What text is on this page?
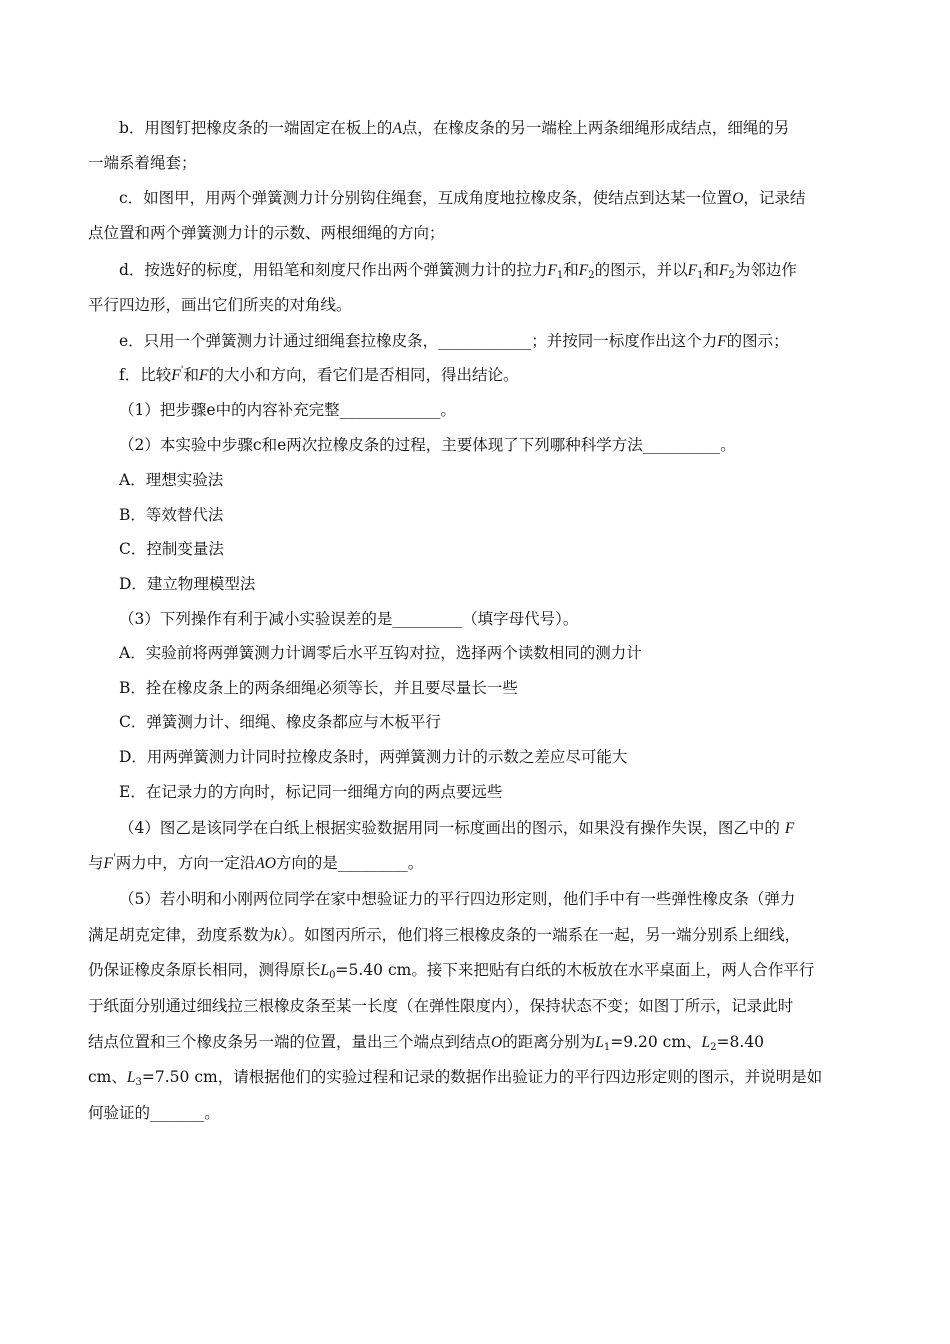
b．用图钉把橡皮条的一端固定在板上的A点，在橡皮条的另一端栓上两条细绳形成结点，细绳的另
一端系着绳套；
c．如图甲，用两个弹簧测力计分别钩住绳套，互成角度地拉橡皮条，使结点到达某一位置O，记录结
点位置和两个弹簧测力计的示数、两根细绳的方向；
d．按选好的标度，用铅笔和刻度尺作出两个弹簧测力计的拉力$F_1$和$F_2$的图示，并以$F_1$和$F_2$为邻边作
平行四边形，画出它们所夹的对角线。
e．只用一个弹簧测力计通过细绳套拉橡皮条，____________；并按同一标度作出这个力F的图示；
f．比较F'和F的大小和方向，看它们是否相同，得出结论。
（1）把步骤e中的内容补充完整_____________。
（2）本实验中步骤c和e两次拉橡皮条的过程，主要体现了下列哪种科学方法__________。
A．理想实验法
B．等效替代法
C．控制变量法
D．建立物理模型法
（3）下列操作有利于减小实验误差的是_________（填字母代号）。
A．实验前将两弹簧测力计调零后水平互钩对拉，选择两个读数相同的测力计
B．拴在橡皮条上的两条细绳必须等长，并且要尽量长一些
C．弹簧测力计、细绳、橡皮条都应与木板平行
D．用两弹簧测力计同时拉橡皮条时，两弹簧测力计的示数之差应尽可能大
E．在记录力的方向时，标记同一细绳方向的两点要远些
（4）图乙是该同学在白纸上根据实验数据用同一标度画出的图示，如果没有操作失误，图乙中的 F
与F'两力中，方向一定沿AO方向的是_________。
（5）若小明和小刚两位同学在家中想验证力的平行四边形定则，他们手中有一些弹性橡皮条（弹力
满足胡克定律，劲度系数为k）。如图丙所示，他们将三根橡皮条的一端系在一起，另一端分别系上细线，
仍保证橡皮条原长相同，测得原长$L_0=5.40$ cm。接下来把贴有白纸的木板放在水平桌面上，两人合作平行
于纸面分别通过细线拉三根橡皮条至某一长度（在弹性限度内），保持状态不变；如图丁所示，记录此时
结点位置和三个橡皮条另一端的位置，量出三个端点到结点O的距离分别为$L_1=9.20$ cm、$L_2=8.40$
cm、$L_3=7.50$ cm，请根据他们的实验过程和记录的数据作出验证力的平行四边形定则的图示，并说明是如
何验证的_______。
